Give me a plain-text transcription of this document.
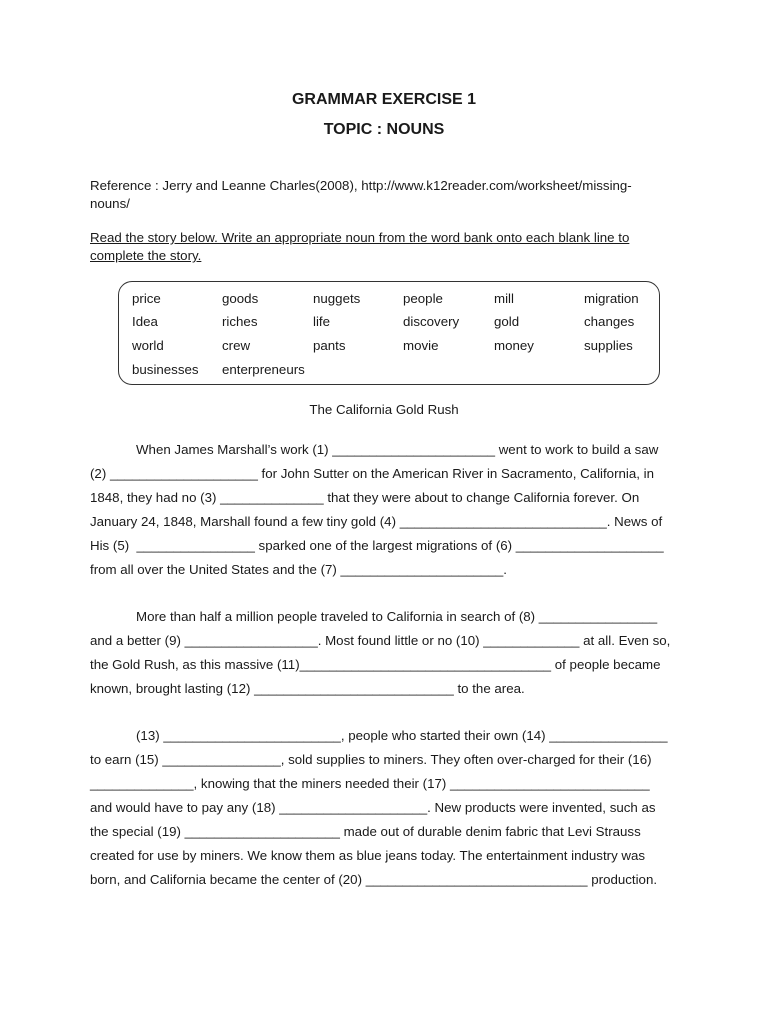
GRAMMAR EXERCISE 1
TOPIC : NOUNS
Reference : Jerry and Leanne Charles(2008), http://www.k12reader.com/worksheet/missing-nouns/
Read the story below. Write an appropriate noun from the word bank onto each blank line to complete the story.
price	goods	nuggets	people	mill	migration
Idea	riches	life	discovery	gold	changes
world	crew	pants	movie	money	supplies
businesses enterpreneurs
The California Gold Rush
When James Marshall’s work (1) ______________________ went to work to build a saw
(2) ____________________ for John Sutter on the American River in Sacramento, California, in
1848, they had no (3) ______________ that they were about to change California forever. On
January 24, 1848, Marshall found a few tiny gold (4) ____________________________. News of
His (5)  ________________ sparked one of the largest migrations of (6) ____________________
from all over the United States and the (7) ______________________.
More than half a million people traveled to California in search of (8) ________________
and a better (9) __________________. Most found little or no (10) _____________ at all. Even so,
the Gold Rush, as this massive (11)__________________________________ of people became
known, brought lasting (12) ___________________________ to the area.
(13) ________________________, people who started their own (14) ________________
to earn (15) ________________, sold supplies to miners. They often over-charged for their (16)
______________, knowing that the miners needed their (17) ___________________________
and would have to pay any (18) ____________________. New products were invented, such as
the special (19) _____________________ made out of durable denim fabric that Levi Strauss
created for use by miners. We know them as blue jeans today. The entertainment industry was
born, and California became the center of (20) ______________________________ production.
